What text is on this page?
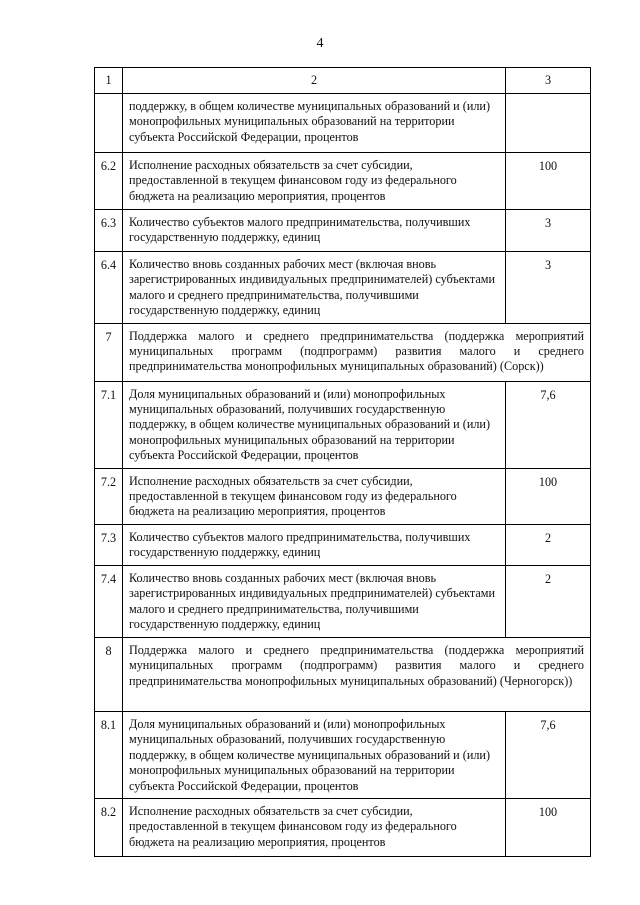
4
1	2	3

	поддержку, в общем количестве муниципальных образований и (или) монопрофильных муниципальных образований на территории субъекта Российской Федерации, процентов	

6.2	Исполнение расходных обязательств за счет субсидии, предоставленной в текущем финансовом году из федерального бюджета на реализацию мероприятия, процентов	100

6.3	Количество субъектов малого предпринимательства, получивших государственную поддержку, единиц	3

6.4	Количество вновь созданных рабочих мест (включая вновь зарегистрированных индивидуальных предпринимателей) субъектами малого и среднего предпринимательства, получившими государственную поддержку, единиц	3

7	Поддержка малого и среднего предпринимательства (поддержка мероприятий муниципальных программ (подпрограмм) развития малого и среднего предпринимательства монопрофильных муниципальных образований) (Сорск))	

7.1	Доля муниципальных образований и (или) монопрофильных муниципальных образований, получивших государственную поддержку, в общем количестве муниципальных образований и (или) монопрофильных муниципальных образований на территории субъекта Российской Федерации, процентов	7,6

7.2	Исполнение расходных обязательств за счет субсидии, предоставленной в текущем финансовом году из федерального бюджета на реализацию мероприятия, процентов	100

7.3	Количество субъектов малого предпринимательства, получивших государственную поддержку, единиц	2

7.4	Количество вновь созданных рабочих мест (включая вновь зарегистрированных индивидуальных предпринимателей) субъектами малого и среднего предпринимательства, получившими государственную поддержку, единиц	2

8	Поддержка малого и среднего предпринимательства (поддержка мероприятий муниципальных программ (подпрограмм) развития малого и среднего предпринимательства монопрофильных муниципальных образований) (Черногорск))	

8.1	Доля муниципальных образований и (или) монопрофильных муниципальных образований, получивших государственную поддержку, в общем количестве муниципальных образований и (или) монопрофильных муниципальных образований на территории субъекта Российской Федерации, процентов	7,6

8.2	Исполнение расходных обязательств за счет субсидии, предоставленной в текущем финансовом году из федерального бюджета на реализацию мероприятия, процентов	100
